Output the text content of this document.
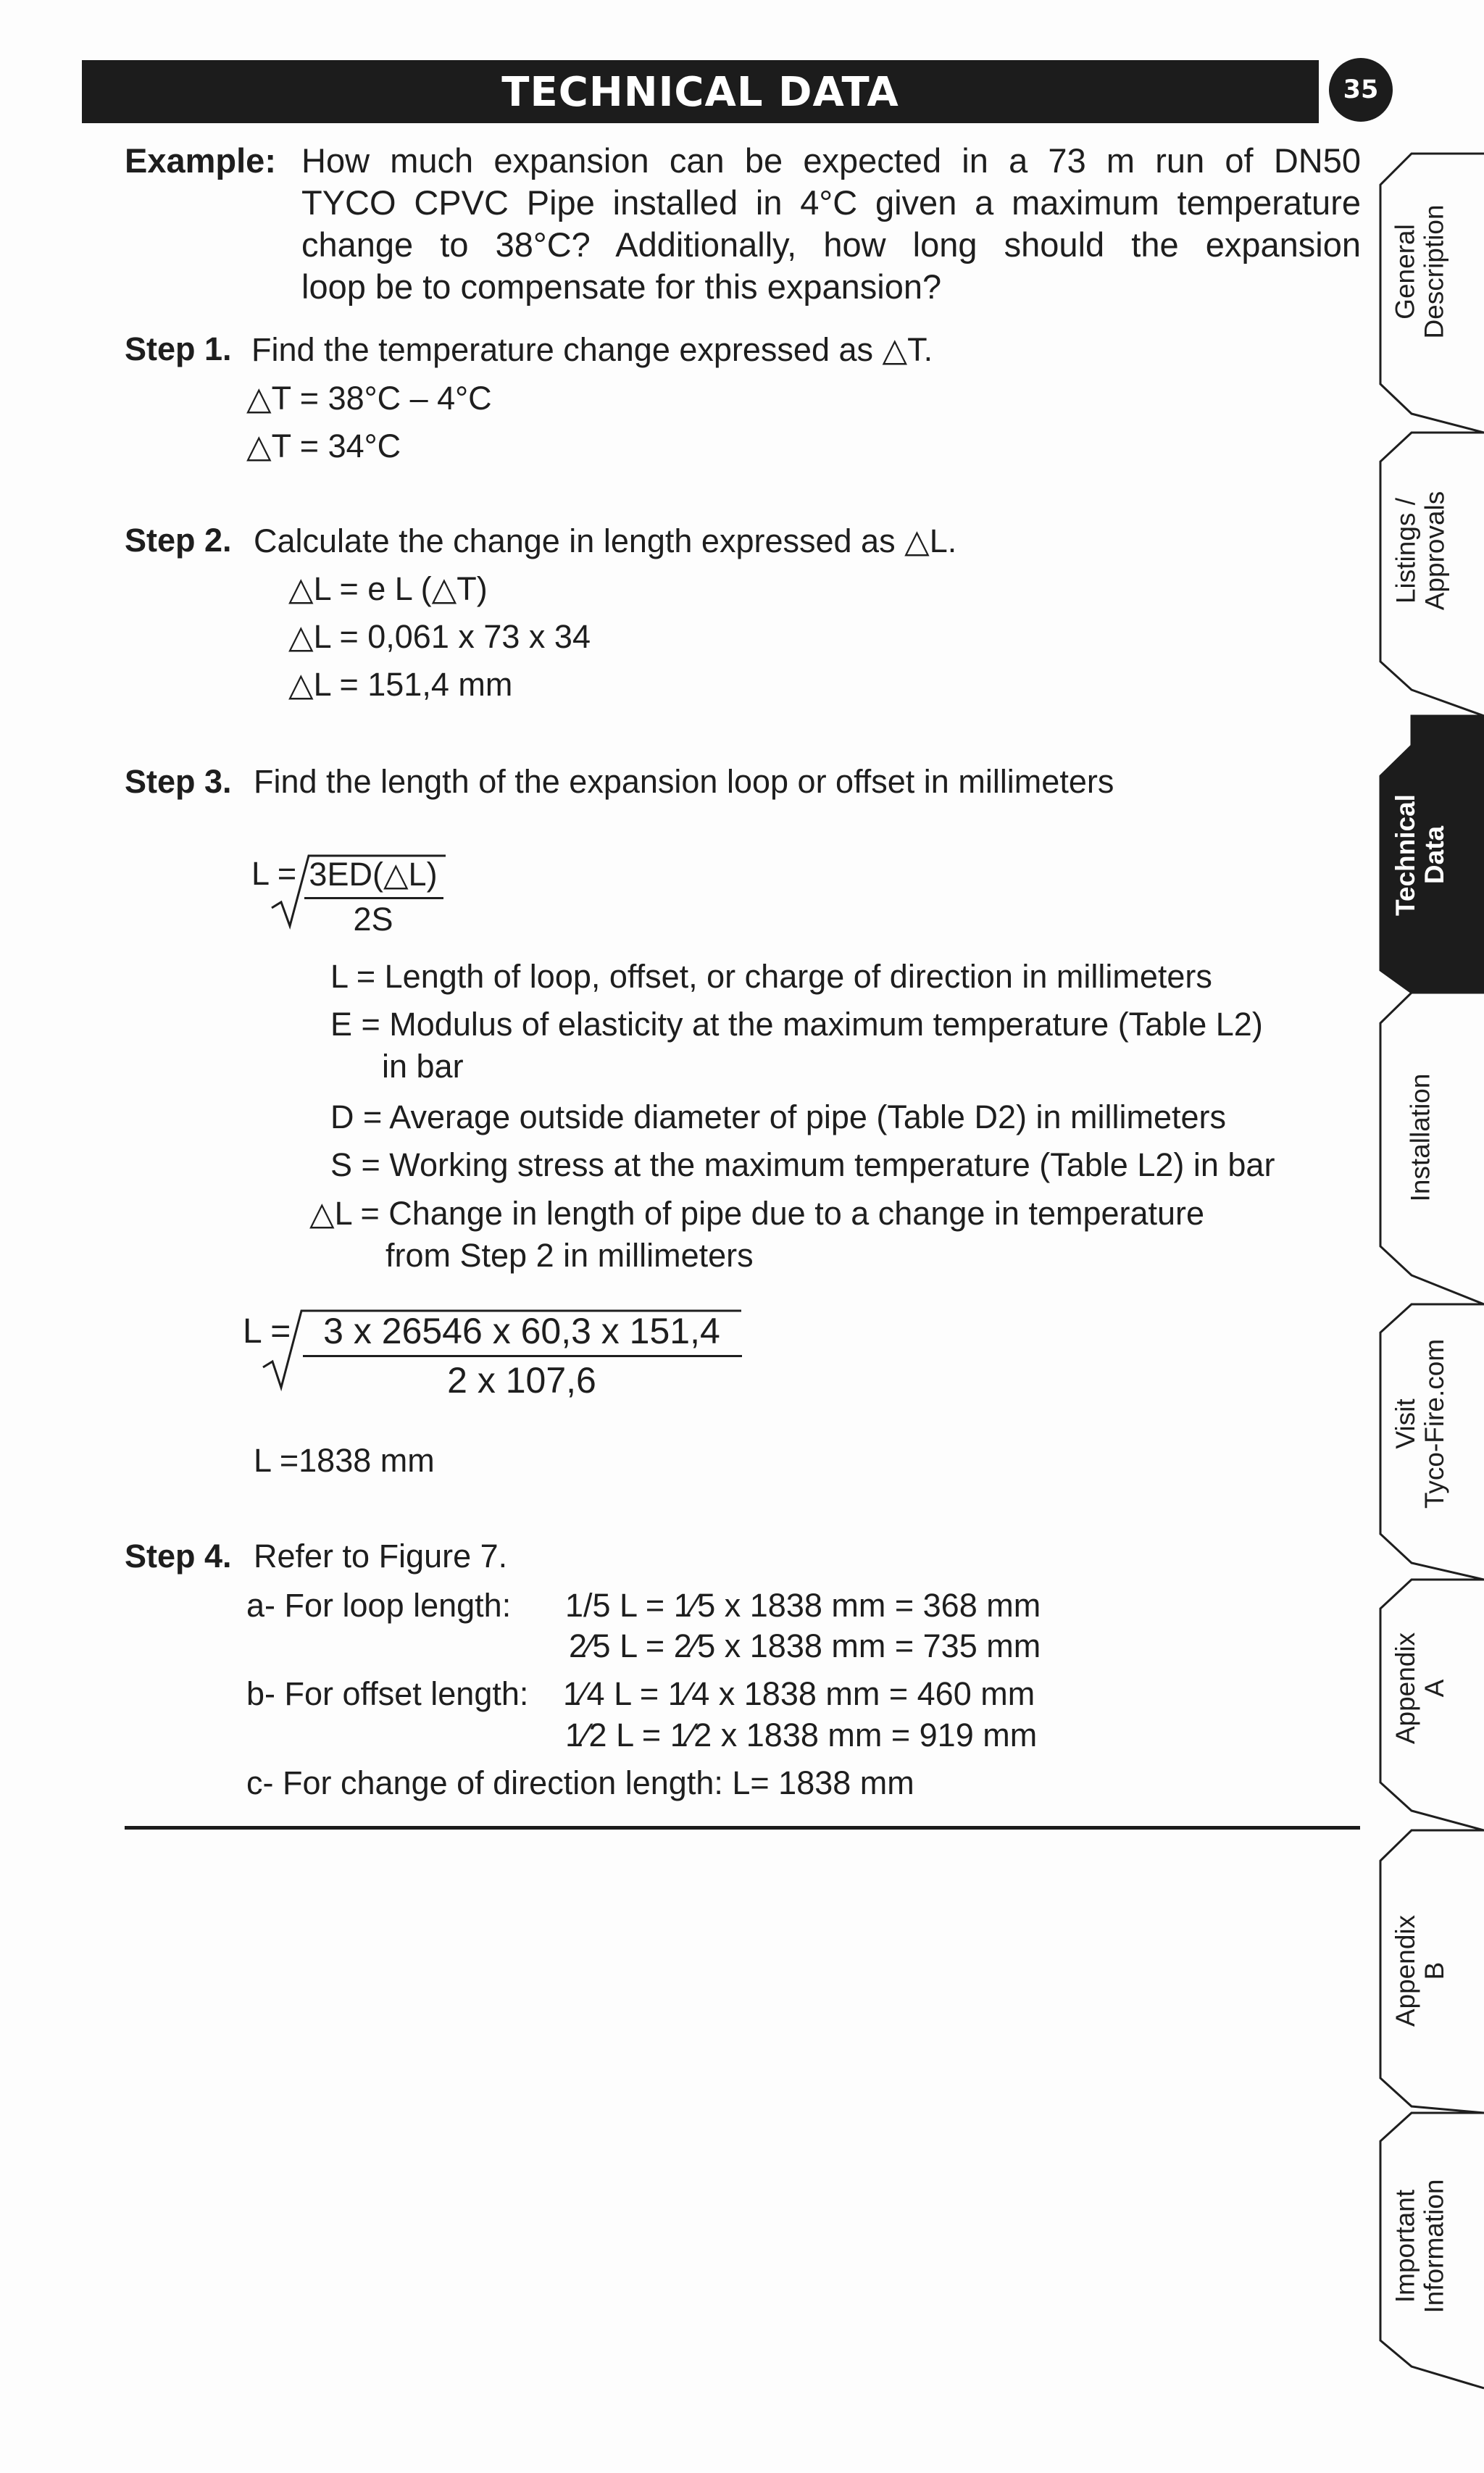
TECHNICAL DATA	35
Example: How much expansion can be expected in a 73 m run of DN50
TYCO CPVC Pipe installed in 4°C given a maximum temperature
change to 38°C? Additionally, how long should the expansion
loop be to compensate for this expansion?
Step 1. Find the temperature change expressed as △T.
△T = 38°C – 4°C
△T = 34°C
Step 2. Calculate the change in length expressed as △L.
△L = e L (△T)
△L = 0,061 x 73 x 34
△L = 151,4 mm
Step 3. Find the length of the expansion loop or offset in millimeters
L = 3ED(△L)
2S
L = Length of loop, offset, or charge of direction in millimeters
E = Modulus of elasticity at the maximum temperature (Table L2)
in bar
D = Average outside diameter of pipe (Table D2) in millimeters
S = Working stress at the maximum temperature (Table L2) in bar
△L = Change in length of pipe due to a change in temperature
from Step 2 in millimeters
L = 3 x 26546 x 60,3 x 151,4
2 x 107,6
L =1838 mm
Step 4. Refer to Figure 7.
a- For loop length: 1/5 L = 1⁄5 x 1838 mm = 368 mm
2⁄5 L = 2⁄5 x 1838 mm = 735 mm
b- For offset length: 1⁄4 L = 1⁄4 x 1838 mm = 460 mm
1⁄2 L = 1⁄2 x 1838 mm = 919 mm
c- For change of direction length: L= 1838 mm
General
Description
Listings /
Approvals
Technical
Data
Installation
Visit
Tyco-Fire.com
Appendix
A
Appendix
B
Important
Information
